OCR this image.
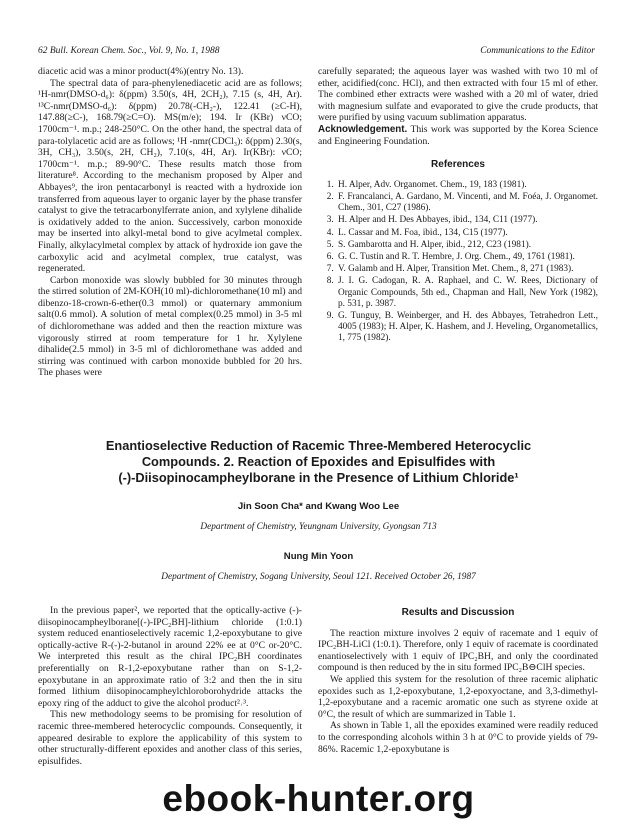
62 Bull. Korean Chem. Soc., Vol. 9, No. 1, 1988	Communications to the Editor

diacetic acid was a minor product(4%)(entry No. 13).

The spectral data of para-phenylenediacetic acid are as follows; ¹H-nmr(DMSO-d₆): δ(ppm) 3.50(s, 4H, 2CH₂), 7.15 (s, 4H, Ar). ¹³C-nmr(DMSO-d₆): δ(ppm) 20.78(-CH₂-), 122.41 (≥C-H), 147.88(≥C-), 168.79(≥C=O). MS(m/e); 194. Ir (KBr) νCO; 1700cm⁻¹. m.p.; 248-250°C. On the other hand, the spectral data of para-tolylacetic acid are as follows; ¹H -nmr(CDCl₃): δ(ppm) 2.30(s, 3H, CH₃), 3.50(s, 2H, CH₂), 7.10(s, 4H, Ar). Ir(KBr): νCO; 1700cm⁻¹. m.p.; 89-90°C. These results match those from literature⁸. According to the mechanism proposed by Alper and Abbayes⁹, the iron pentacarbonyl is reacted with a hydroxide ion transferred from aqueous layer to organic layer by the phase transfer catalyst to give the tetracarbonylferrate anion, and xylylene dihalide is oxidatively added to the anion. Successively, carbon monoxide may be inserted into alkyl-metal bond to give acylmetal complex. Finally, alkylacylmetal complex by attack of hydroxide ion gave the carboxylic acid and acylmetal complex, true catalyst, was regenerated.

Carbon monoxide was slowly bubbled for 30 minutes through the stirred solution of 2M-KOH(10 ml)-dichloromethane(10 ml) and dibenzo-18-crown-6-ether(0.3 mmol) or quaternary ammonium salt(0.6 mmol). A solution of metal complex(0.25 mmol) in 3-5 ml of dichloromethane was added and then the reaction mixture was vigorously stirred at room temperature for 1 hr. Xylylene dihalide(2.5 mmol) in 3-5 ml of dichloromethane was added and stirring was continued with carbon monoxide bubbled for 20 hrs. The phases were

carefully separated; the aqueous layer was washed with two 10 ml of ether, acidified(conc. HCl), and then extracted with four 15 ml of ether. The combined ether extracts were washed with a 20 ml of water, dried with magnesium sulfate and evaporated to give the crude products, that were purified by using vacuum sublimation apparatus.

Acknowledgement. This work was supported by the Korea Science and Engineering Foundation.

References
1. H. Alper, Adv. Organomet. Chem., 19, 183 (1981).
2. F. Francalanci, A. Gardano, M. Vincenti, and M. Foéa, J. Organomet. Chem., 301, C27 (1986).
3. H. Alper and H. Des Abbayes, ibid., 134, C11 (1977).
4. L. Cassar and M. Foa, ibid., 134, C15 (1977).
5. S. Gambarotta and H. Alper, ibid., 212, C23 (1981).
6. G. C. Tustin and R. T. Hembre, J. Org. Chem., 49, 1761 (1981).
7. V. Galamb and H. Alper, Transition Met. Chem., 8, 271 (1983).
8. J. I. G. Cadogan, R. A. Raphael, and C. W. Rees, Dictionary of Organic Compounds, 5th ed., Chapman and Hall, New York (1982), p. 531, p. 3987.
9. G. Tunguy, B. Weinberger, and H. des Abbayes, Tetrahedron Lett., 4005 (1983); H. Alper, K. Hashem, and J. Heveling, Organometallics, 1, 775 (1982).
Enantioselective Reduction of Racemic Three-Membered Heterocyclic
Compounds. 2. Reaction of Epoxides and Episulfides with
(-)-Diisopinocampheylborane in the Presence of Lithium Chloride¹
Jin Soon Cha* and Kwang Woo Lee
Department of Chemistry, Yeungnam University, Gyongsan 713
Nung Min Yoon
Department of Chemistry, Sogang University, Seoul 121. Received October 26, 1987

In the previous paper², we reported that the optically-active (-)-diisopinocampheylborane[(-)-IPC₂BH]-lithium chloride (1:0.1) system reduced enantioselectively racemic 1,2-epoxybutane to give optically-active R-(-)-2-butanol in around 22% ee at 0°C or-20°C. We interpreted this result as the chiral IPC₂BH coordinates preferentially on R-1,2-epoxybutane rather than on S-1,2-epoxybutane in an approximate ratio of 3:2 and then the in situ formed lithium diisopinocampheylchloroborohydride attacks the epoxy ring of the adduct to give the alcohol product²˒³.

This new methodology seems to be promising for resolution of racemic three-membered heterocyclic compounds. Consequently, it appeared desirable to explore the applicability of this system to other structurally-different epoxides and another class of this series, episulfides.

Results and Discussion

The reaction mixture involves 2 equiv of racemate and 1 equiv of IPC₂BH-LiCl (1:0.1). Therefore, only 1 equiv of racemate is coordinated enantioselectively with 1 equiv of IPC₂BH, and only the coordinated compound is then reduced by the in situ formed IPC₂B⊖ClH species.

We applied this system for the resolution of three racemic aliphatic epoxides such as 1,2-epoxybutane, 1,2-epoxyoctane, and 3,3-dimethyl-1,2-epoxybutane and a racemic aromatic one such as styrene oxide at 0°C, the result of which are summarized in Table 1.

As shown in Table 1, all the epoxides examined were readily reduced to the corresponding alcohols within 3 h at 0°C to provide yields of 79-86%. Racemic 1,2-epoxybutane is

ebook-hunter.org
